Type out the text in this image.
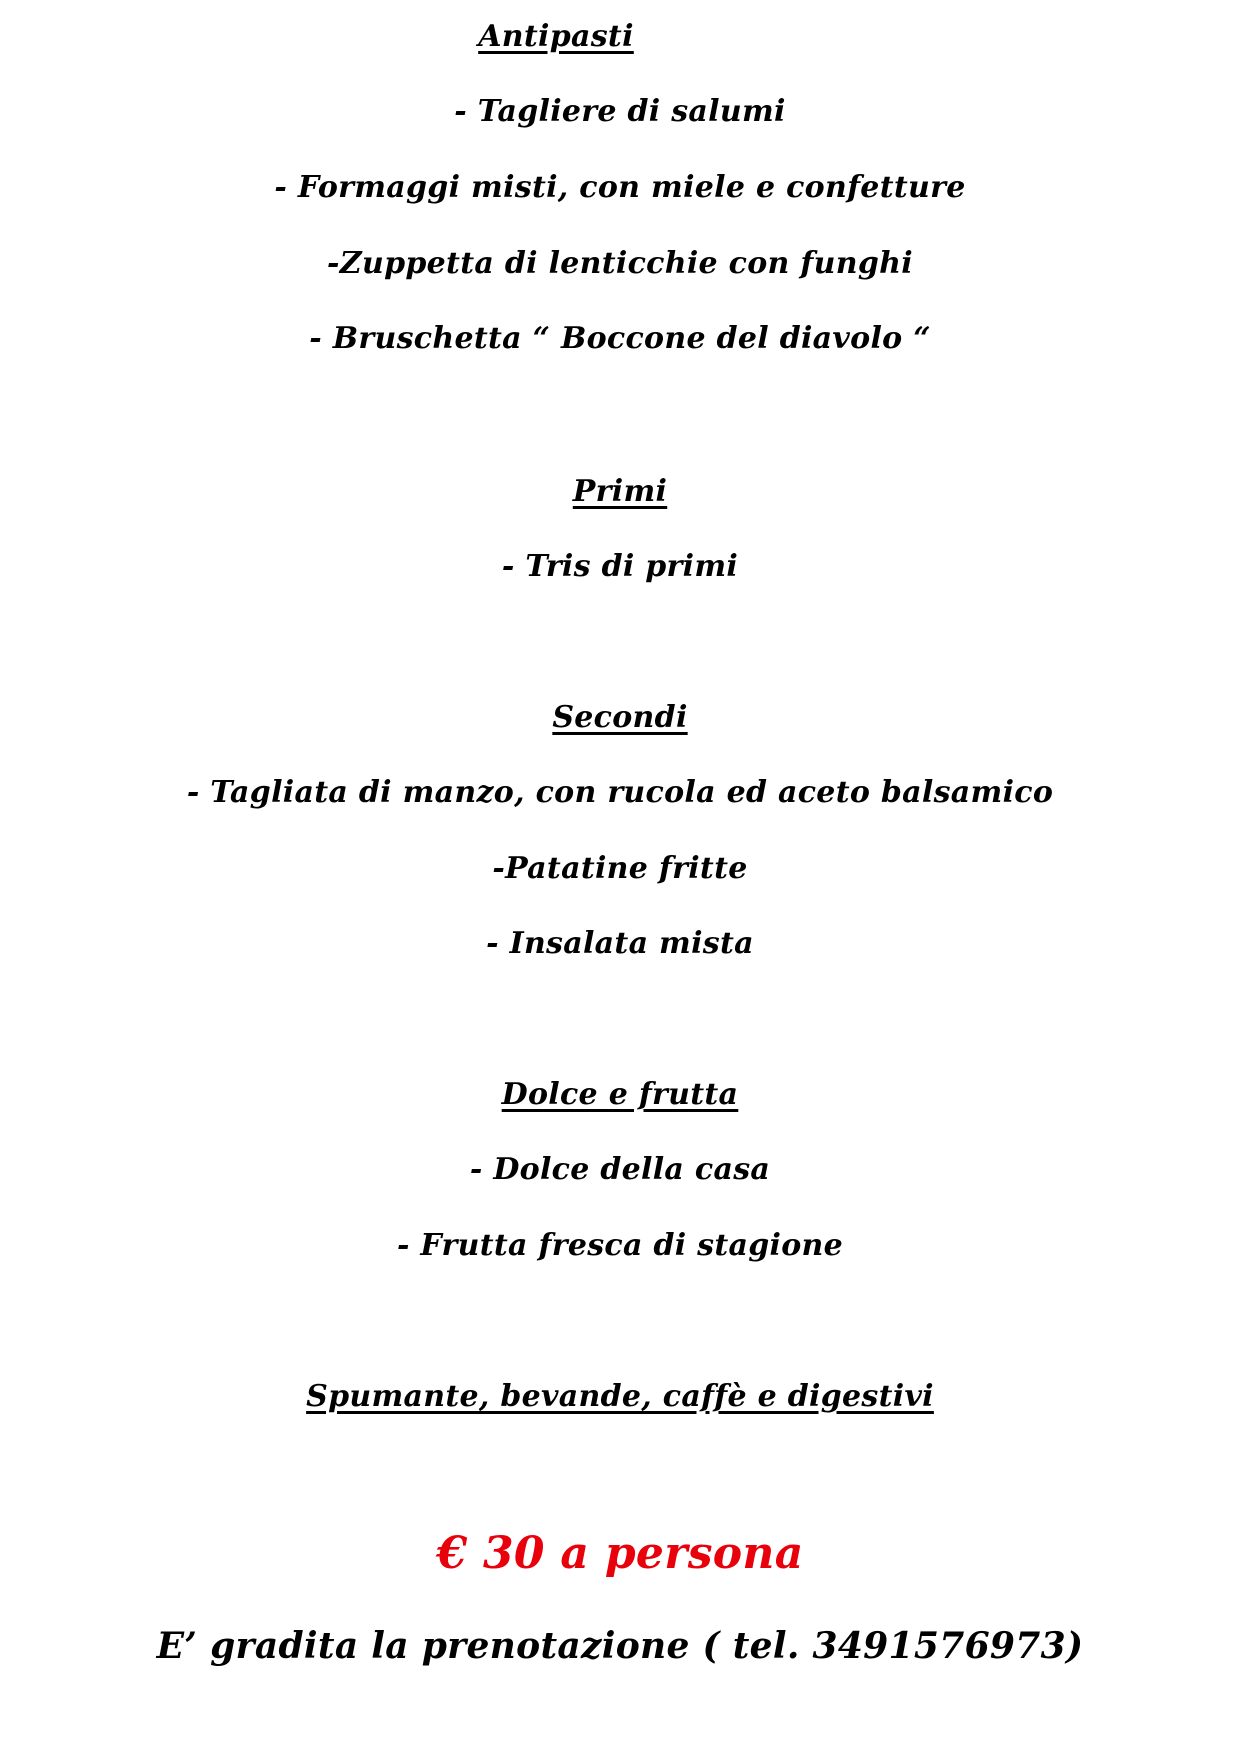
Antipasti
- Tagliere di salumi
- Formaggi misti, con miele e confetture
-Zuppetta di lenticchie con funghi
- Bruschetta “ Boccone del diavolo “
Primi
- Tris di primi
Secondi
- Tagliata di manzo, con rucola ed aceto balsamico
-Patatine fritte
- Insalata mista
Dolce e frutta
- Dolce della casa
- Frutta fresca di stagione
Spumante, bevande, caffè e digestivi
€ 30 a persona
E’ gradita la prenotazione ( tel. 3491576973)
